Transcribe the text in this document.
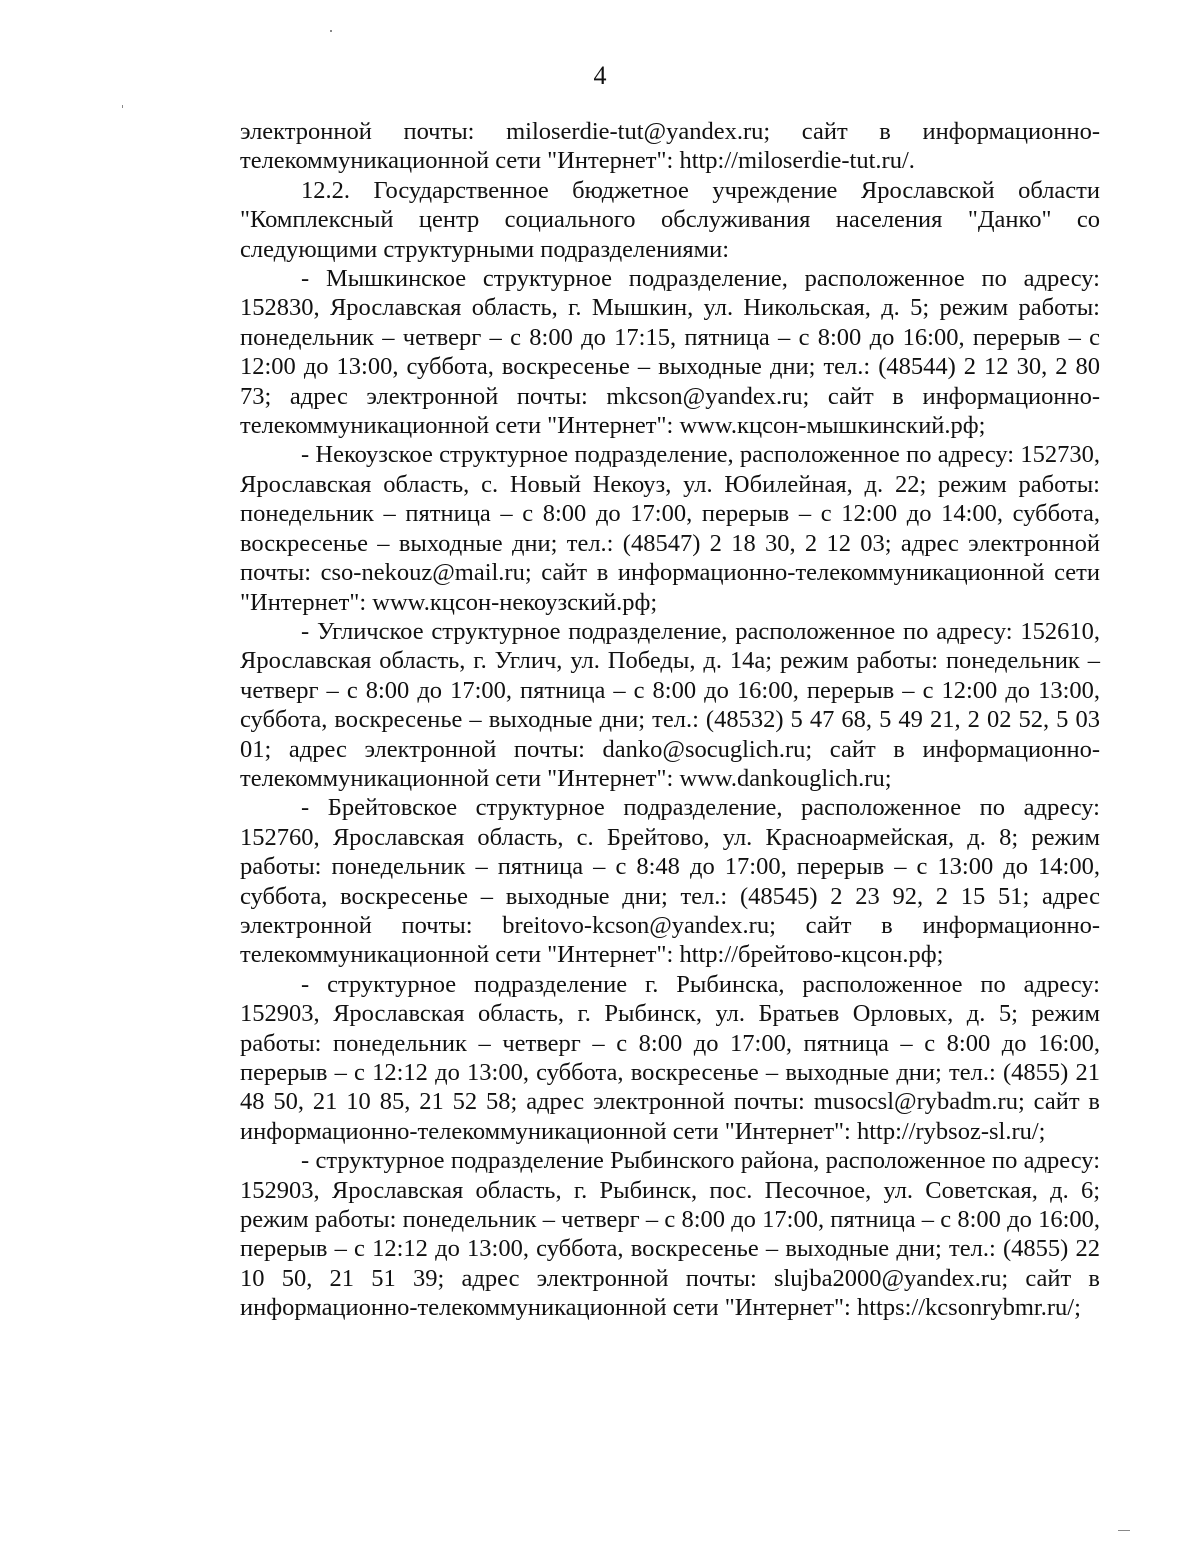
4

электронной почты: miloserdie-tut@yandex.ru; сайт в информационно-телекоммуникационной сети "Интернет": http://miloserdie-tut.ru/.

12.2. Государственное бюджетное учреждение Ярославской области "Комплексный центр социального обслуживания населения "Данко" со следующими структурными подразделениями:

- Мышкинское структурное подразделение, расположенное по адресу: 152830, Ярославская область, г. Мышкин, ул. Никольская, д. 5; режим работы: понедельник – четверг – с 8:00 до 17:15, пятница – с 8:00 до 16:00, перерыв – с 12:00 до 13:00, суббота, воскресенье – выходные дни; тел.: (48544) 2 12 30, 2 80 73; адрес электронной почты: mkcson@yandex.ru; сайт в информационно-телекоммуникационной сети "Интернет": www.кцсон-мышкинский.рф;

- Некоузское структурное подразделение, расположенное по адресу: 152730, Ярославская область, с. Новый Некоуз, ул. Юбилейная, д. 22; режим работы: понедельник – пятница – с 8:00 до 17:00, перерыв – с 12:00 до 14:00, суббота, воскресенье – выходные дни; тел.: (48547) 2 18 30, 2 12 03; адрес электронной почты: cso-nekouz@mail.ru; сайт в информационно-телекоммуникационной сети "Интернет": www.кцсон-некоузский.рф;

- Угличское структурное подразделение, расположенное по адресу: 152610, Ярославская область, г. Углич, ул. Победы, д. 14а; режим работы: понедельник – четверг – с 8:00 до 17:00, пятница – с 8:00 до 16:00, перерыв – с 12:00 до 13:00, суббота, воскресенье – выходные дни; тел.: (48532) 5 47 68, 5 49 21, 2 02 52, 5 03 01; адрес электронной почты: danko@socuglich.ru; сайт в информационно-телекоммуникационной сети "Интернет": www.dankouglich.ru;

- Брейтовское структурное подразделение, расположенное по адресу: 152760, Ярославская область, с. Брейтово, ул. Красноармейская, д. 8; режим работы: понедельник – пятница – с 8:48 до 17:00, перерыв – с 13:00 до 14:00, суббота, воскресенье – выходные дни; тел.: (48545) 2 23 92, 2 15 51; адрес электронной почты: breitovo-kcson@yandex.ru; сайт в информационно-телекоммуникационной сети "Интернет": http://брейтово-кцсон.рф;

- структурное подразделение г. Рыбинска, расположенное по адресу: 152903, Ярославская область, г. Рыбинск, ул. Братьев Орловых, д. 5; режим работы: понедельник – четверг – с 8:00 до 17:00, пятница – с 8:00 до 16:00, перерыв – с 12:12 до 13:00, суббота, воскресенье – выходные дни; тел.: (4855) 21 48 50, 21 10 85, 21 52 58; адрес электронной почты: musocsl@rybadm.ru; сайт в информационно-телекоммуникационной сети "Интернет": http://rybsoz-sl.ru/;

- структурное подразделение Рыбинского района, расположенное по адресу: 152903, Ярославская область, г. Рыбинск, пос. Песочное, ул. Советская, д. 6; режим работы: понедельник – четверг – с 8:00 до 17:00, пятница – с 8:00 до 16:00, перерыв – с 12:12 до 13:00, суббота, воскресенье – выходные дни; тел.: (4855) 22 10 50, 21 51 39; адрес электронной почты: slujba2000@yandex.ru; сайт в информационно-телекоммуникационной сети "Интернет": https://kcsonrybmr.ru/;
